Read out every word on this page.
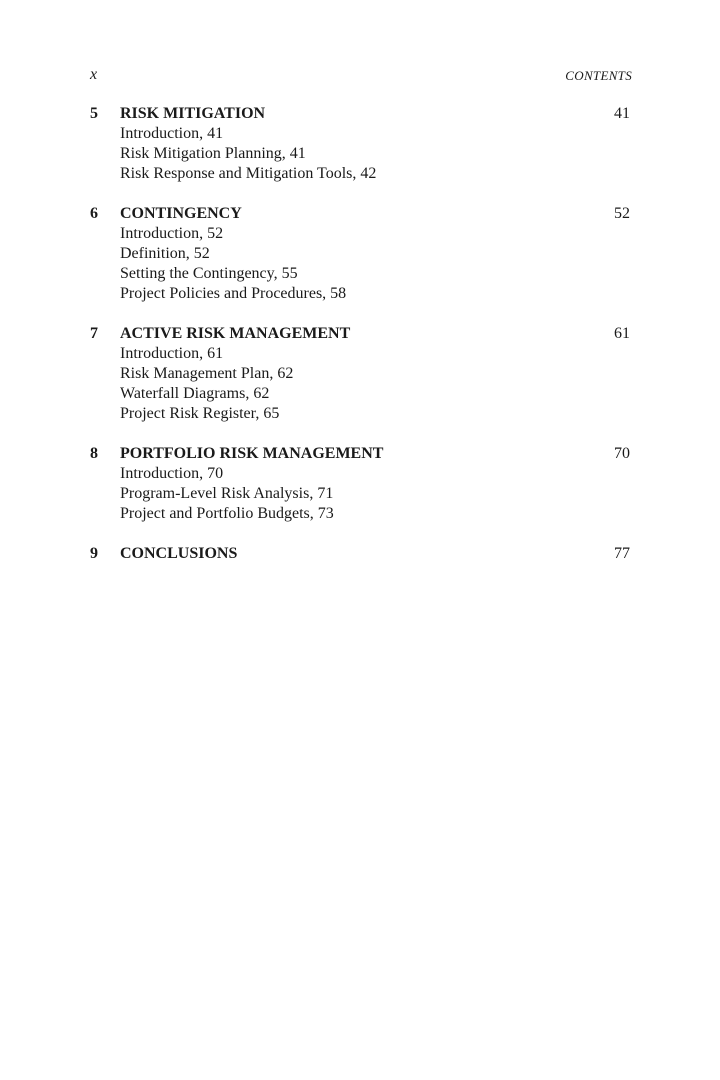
x	CONTENTS
5 RISK MITIGATION	41
Introduction, 41
Risk Mitigation Planning, 41
Risk Response and Mitigation Tools, 42
6 CONTINGENCY	52
Introduction, 52
Definition, 52
Setting the Contingency, 55
Project Policies and Procedures, 58
7 ACTIVE RISK MANAGEMENT	61
Introduction, 61
Risk Management Plan, 62
Waterfall Diagrams, 62
Project Risk Register, 65
8 PORTFOLIO RISK MANAGEMENT	70
Introduction, 70
Program-Level Risk Analysis, 71
Project and Portfolio Budgets, 73
9 CONCLUSIONS	77
